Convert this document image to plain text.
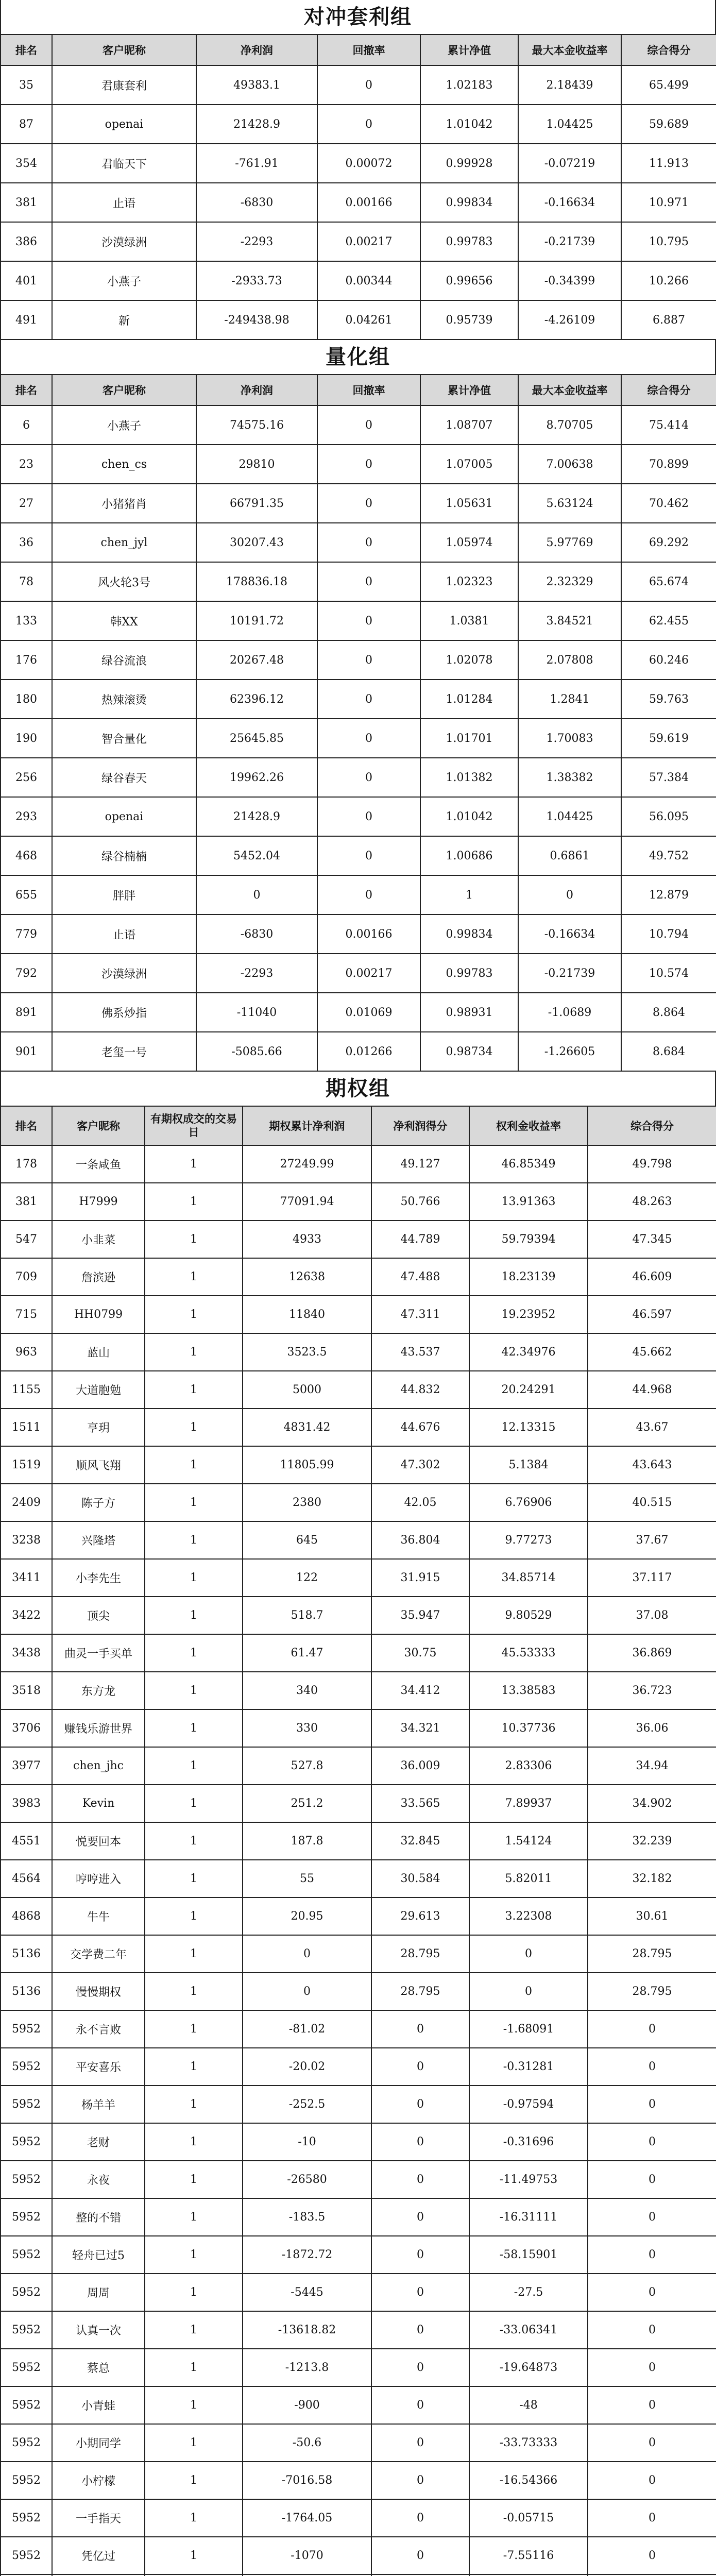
对冲套利组
排名	客户昵称	净利润	回撤率	累计净值	最大本金收益率	综合得分
35	君康套利	49383.1	0	1.02183	2.18439	65.499
87	openai	21428.9	0	1.01042	1.04425	59.689
354	君临天下	-761.91	0.00072	0.99928	-0.07219	11.913
381	止语	-6830	0.00166	0.99834	-0.16634	10.971
386	沙漠绿洲	-2293	0.00217	0.99783	-0.21739	10.795
401	小燕子	-2933.73	0.00344	0.99656	-0.34399	10.266
491	新	-249438.98	0.04261	0.95739	-4.26109	6.887
量化组
排名	客户昵称	净利润	回撤率	累计净值	最大本金收益率	综合得分
6	小燕子	74575.16	0	1.08707	8.70705	75.414
23	chen_cs	29810	0	1.07005	7.00638	70.899
27	小猪猪肖	66791.35	0	1.05631	5.63124	70.462
36	chen_jyl	30207.43	0	1.05974	5.97769	69.292
78	风火轮3号	178836.18	0	1.02323	2.32329	65.674
133	韩XX	10191.72	0	1.0381	3.84521	62.455
176	绿谷流浪	20267.48	0	1.02078	2.07808	60.246
180	热辣滚烫	62396.12	0	1.01284	1.2841	59.763
190	智合量化	25645.85	0	1.01701	1.70083	59.619
256	绿谷春天	19962.26	0	1.01382	1.38382	57.384
293	openai	21428.9	0	1.01042	1.04425	56.095
468	绿谷楠楠	5452.04	0	1.00686	0.6861	49.752
655	胖胖	0	0	1	0	12.879
779	止语	-6830	0.00166	0.99834	-0.16634	10.794
792	沙漠绿洲	-2293	0.00217	0.99783	-0.21739	10.574
891	佛系炒指	-11040	0.01069	0.98931	-1.0689	8.864
901	老玺一号	-5085.66	0.01266	0.98734	-1.26605	8.684
期权组
排名	客户昵称	有期权成交的交易日	期权累计净利润	净利润得分	权利金收益率	综合得分
178	一条咸鱼	1	27249.99	49.127	46.85349	49.798
381	H7999	1	77091.94	50.766	13.91363	48.263
547	小韭菜	1	4933	44.789	59.79394	47.345
709	詹滨逊	1	12638	47.488	18.23139	46.609
715	HH0799	1	11840	47.311	19.23952	46.597
963	蓝山	1	3523.5	43.537	42.34976	45.662
1155	大道胞勉	1	5000	44.832	20.24291	44.968
1511	亨玥	1	4831.42	44.676	12.13315	43.67
1519	顺风飞翔	1	11805.99	47.302	5.1384	43.643
2409	陈子方	1	2380	42.05	6.76906	40.515
3238	兴隆塔	1	645	36.804	9.77273	37.67
3411	小李先生	1	122	31.915	34.85714	37.117
3422	顶尖	1	518.7	35.947	9.80529	37.08
3438	曲灵一手买单	1	61.47	30.75	45.53333	36.869
3518	东方龙	1	340	34.412	13.38583	36.723
3706	赚钱乐游世界	1	330	34.321	10.37736	36.06
3977	chen_jhc	1	527.8	36.009	2.83306	34.94
3983	Kevin	1	251.2	33.565	7.89937	34.902
4551	悦要回本	1	187.8	32.845	1.54124	32.239
4564	哼哼进入	1	55	30.584	5.82011	32.182
4868	牛牛	1	20.95	29.613	3.22308	30.61
5136	交学费二年	1	0	28.795	0	28.795
5136	慢慢期权	1	0	28.795	0	28.795
5952	永不言败	1	-81.02	0	-1.68091	0
5952	平安喜乐	1	-20.02	0	-0.31281	0
5952	杨羊羊	1	-252.5	0	-0.97594	0
5952	老财	1	-10	0	-0.31696	0
5952	永夜	1	-26580	0	-11.49753	0
5952	整的不错	1	-183.5	0	-16.31111	0
5952	轻舟已过5	1	-1872.72	0	-58.15901	0
5952	周周	1	-5445	0	-27.5	0
5952	认真一次	1	-13618.82	0	-33.06341	0
5952	蔡总	1	-1213.8	0	-19.64873	0
5952	小青蛙	1	-900	0	-48	0
5952	小期同学	1	-50.6	0	-33.73333	0
5952	小柠檬	1	-7016.58	0	-16.54366	0
5952	一手指天	1	-1764.05	0	-0.05715	0
5952	凭亿过	1	-1070	0	-7.55116	0
